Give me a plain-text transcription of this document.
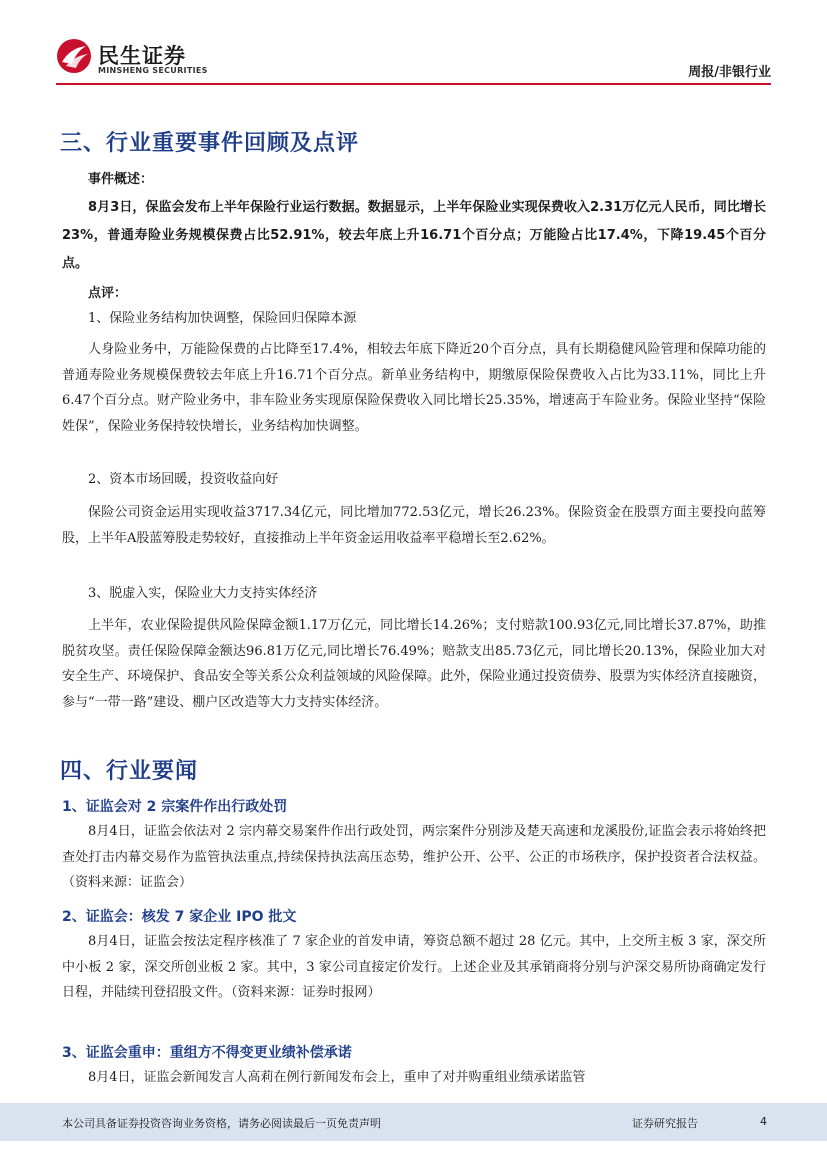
民生证券
MINSHENG SECURITIES	周报/非银行业
三、行业重要事件回顾及点评
事件概述：
8月3日，保监会发布上半年保险行业运行数据。数据显示，上半年保险业实现保费收入2.31万亿元人民币，同比增长23%，普通寿险业务规模保费占比52.91%，较去年底上升16.71个百分点；万能险占比17.4%，下降19.45个百分点。
点评：
1、保险业务结构加快调整，保险回归保障本源
人身险业务中，万能险保费的占比降至17.4%，相较去年底下降近20个百分点，具有长期稳健风险管理和保障功能的普通寿险业务规模保费较去年底上升16.71个百分点。新单业务结构中，期缴原保险保费收入占比为33.11%，同比上升6.47个百分点。财产险业务中，非车险业务实现原保险保费收入同比增长25.35%，增速高于车险业务。保险业坚持“保险姓保”，保险业务保持较快增长，业务结构加快调整。
2、资本市场回暖，投资收益向好
保险公司资金运用实现收益3717.34亿元，同比增加772.53亿元，增长26.23%。保险资金在股票方面主要投向蓝筹股，上半年A股蓝筹股走势较好，直接推动上半年资金运用收益率平稳增长至2.62%。
3、脱虚入实，保险业大力支持实体经济
上半年，农业保险提供风险保障金额1.17万亿元，同比增长14.26%；支付赔款100.93亿元,同比增长37.87%，助推脱贫攻坚。责任保险保障金额达96.81万亿元,同比增长76.49%；赔款支出85.73亿元，同比增长20.13%，保险业加大对安全生产、环境保护、食品安全等关系公众利益领域的风险保障。此外，保险业通过投资债券、股票为实体经济直接融资，参与“一带一路”建设、棚户区改造等大力支持实体经济。
四、行业要闻
1、证监会对 2 宗案件作出行政处罚
8月4日，证监会依法对 2 宗内幕交易案件作出行政处罚，两宗案件分别涉及楚天高速和龙溪股份,证监会表示将始终把查处打击内幕交易作为监管执法重点,持续保持执法高压态势，维护公开、公平、公正的市场秩序，保护投资者合法权益。（资料来源：证监会）
2、证监会：核发 7 家企业 IPO 批文
8月4日，证监会按法定程序核准了 7 家企业的首发申请，筹资总额不超过 28 亿元。其中，上交所主板 3 家，深交所中小板 2 家，深交所创业板 2 家。其中，3 家公司直接定价发行。上述企业及其承销商将分别与沪深交易所协商确定发行日程，并陆续刊登招股文件。（资料来源：证券时报网）
3、证监会重申：重组方不得变更业绩补偿承诺
8月4日，证监会新闻发言人高莉在例行新闻发布会上，重申了对并购重组业绩承诺监管
本公司具备证券投资咨询业务资格，请务必阅读最后一页免责声明	证券研究报告	4
